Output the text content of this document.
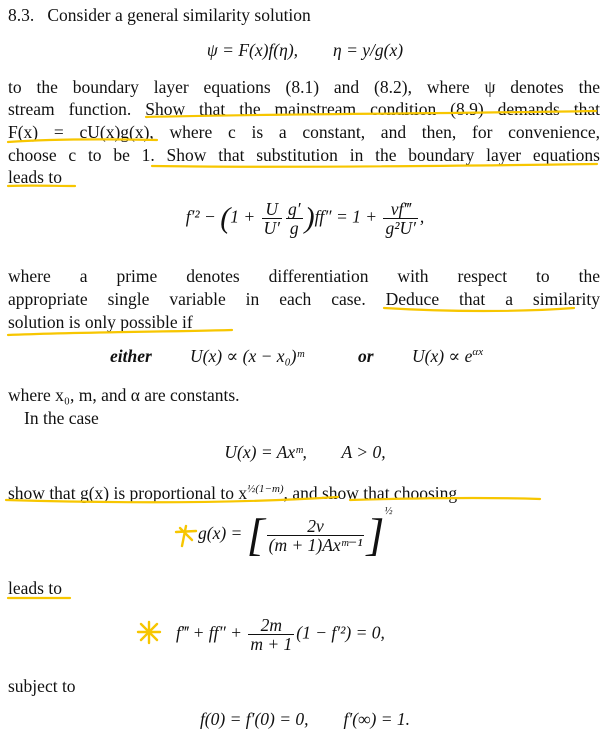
8.3. Consider a general similarity solution
ψ = F(x)f(η), η = y/g(x)
to the boundary layer equations (8.1) and (8.2), where ψ denotes the
stream function. Show that the mainstream condition (8.9) demands that
F(x) = cU(x)g(x), where c is a constant, and then, for convenience,
choose c to be 1. Show that substitution in the boundary layer equations
leads to
$f'^2 - (1 + \frac{U}{U'} \frac{g'}{g} )ff'' = 1 + \frac{\nu f‴}{\text{g²U′}}$ ,
where a prime denotes differentiation with respect to the
appropriate single variable in each case. Deduce that a similarity
solution is only possible if
either U(x) ∝ (x − x₀)ᵐ	or $U(x) \propto e^{\alpha x}$
where x₀, m, and α are constants.
In the case
U(x) = Axᵐ, A > 0,
show that g(x) is proportional to $x^{\frac{1}{2}(1-m)}$, and show that choosing
g(x) = [ $\frac{2\nu}{\text{(m + 1)Axᵐ⁻¹}} ]^{\frac{1}{2}}$
leads to
f‴ + $ff'' + \frac{2m}{m + 1} (1 - f'^2) = 0$,
subject to
f(0) = f′(0) = 0, f′(∞) = 1.
